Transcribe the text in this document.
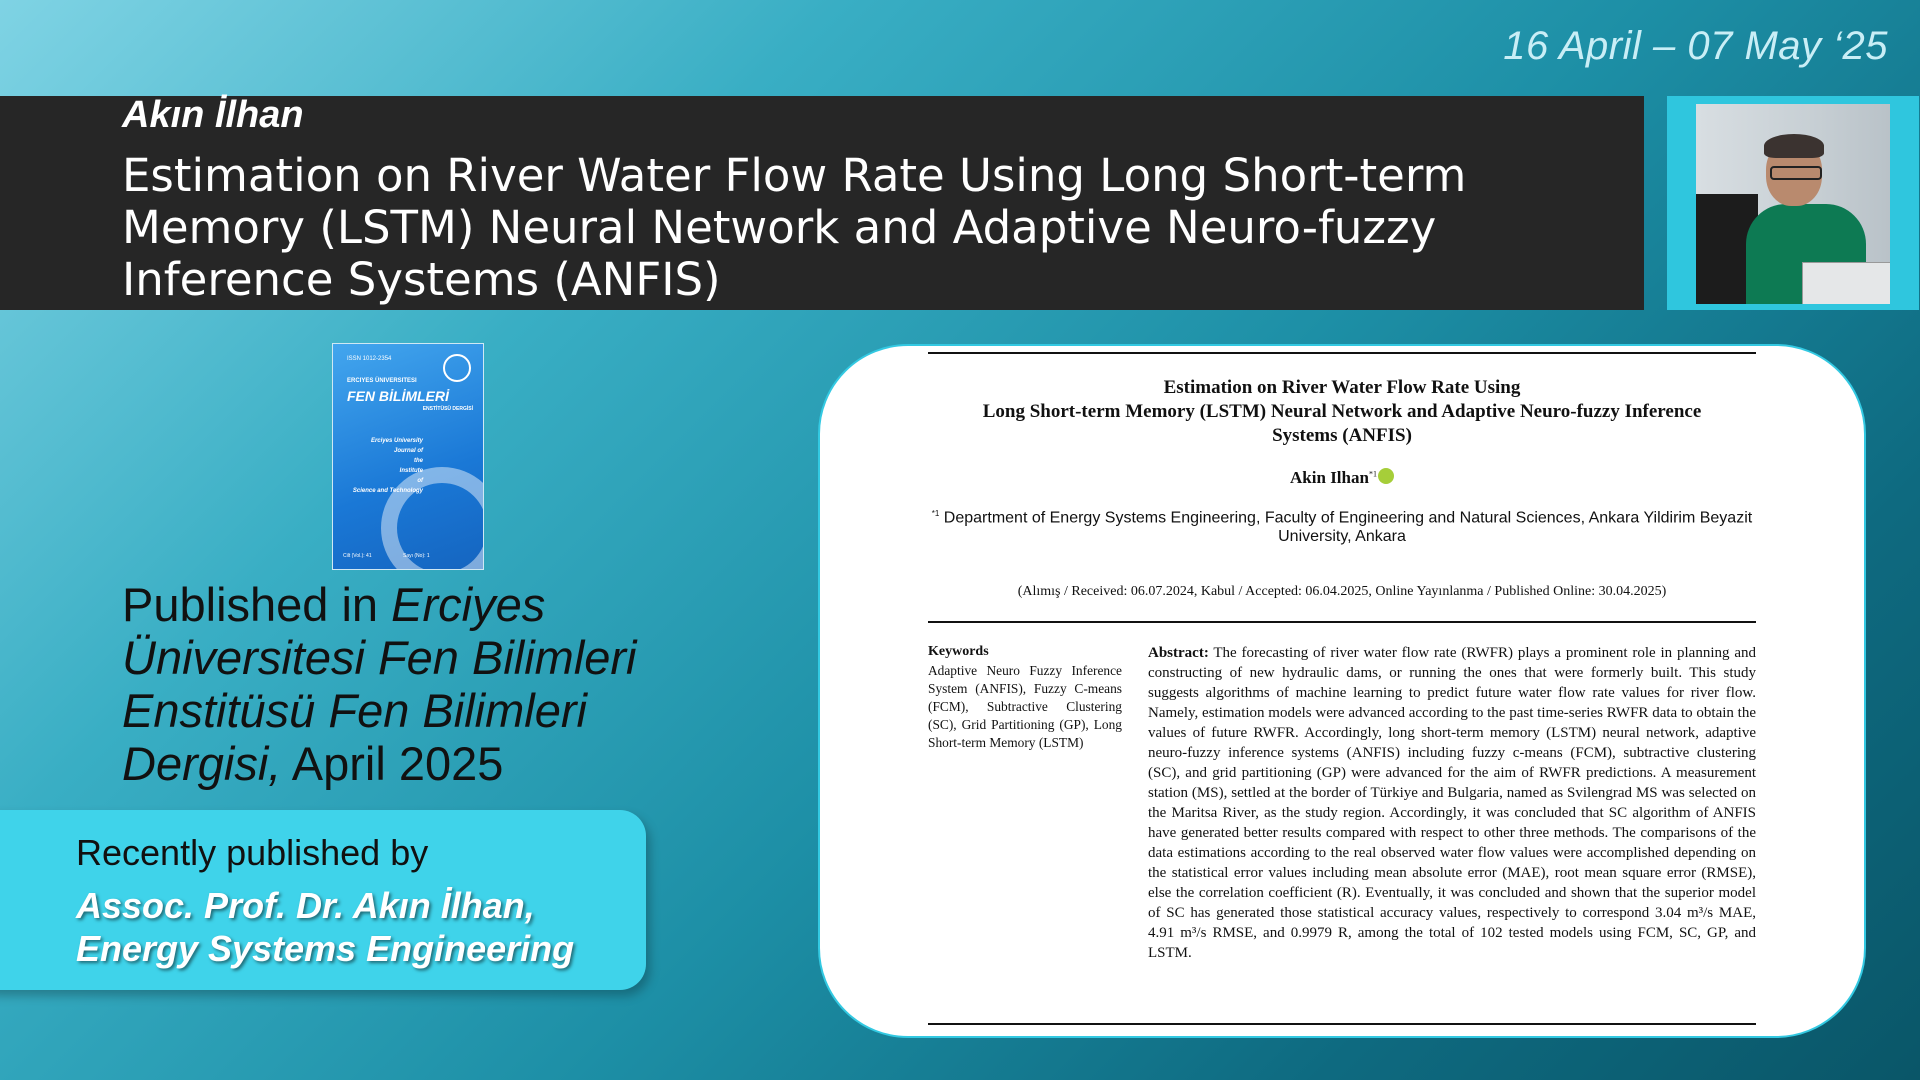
16 April – 07 May ‘25
Akın İlhan
Estimation on River Water Flow Rate Using Long Short-term Memory (LSTM) Neural Network and Adaptive Neuro-fuzzy Inference Systems (ANFIS)
ISSN 1012-2354
ERCIYES ÜNIVERSITESI
FEN BİLİMLERİ
ENSTİTÜSÜ DERGİSİ
Erciyes University
Journal of
the
Institute
of
Science and Technology
Cilt (Vol.): 41	Sayı (No): 1
Published in Erciyes Üniversitesi Fen Bilimleri Enstitüsü Fen Bilimleri Dergisi, April 2025
Recently published by
Assoc. Prof. Dr. Akın İlhan,
Energy Systems Engineering
Estimation on River Water Flow Rate Using
Long Short-term Memory (LSTM) Neural Network and Adaptive Neuro-fuzzy Inference
Systems (ANFIS)
Akin Ilhan$^{*1}$
$^{*1}$ Department of Energy Systems Engineering, Faculty of Engineering and Natural Sciences, Ankara Yildirim Beyazit University, Ankara
(Alımış / Received: 06.07.2024, Kabul / Accepted: 06.04.2025, Online Yayınlanma / Published Online: 30.04.2025)
Keywords
Adaptive Neuro Fuzzy Inference System (ANFIS), Fuzzy C-means (FCM), Subtractive Clustering (SC), Grid Partitioning (GP), Long Short-term Memory (LSTM)
Abstract: The forecasting of river water flow rate (RWFR) plays a prominent role in planning and constructing of new hydraulic dams, or running the ones that were formerly built. This study suggests algorithms of machine learning to predict future water flow rate values for river flow. Namely, estimation models were advanced according to the past time-series RWFR data to obtain the values of future RWFR. Accordingly, long short-term memory (LSTM) neural network, adaptive neuro-fuzzy inference systems (ANFIS) including fuzzy c-means (FCM), subtractive clustering (SC), and grid partitioning (GP) were advanced for the aim of RWFR predictions. A measurement station (MS), settled at the border of Türkiye and Bulgaria, named as Svilengrad MS was selected on the Maritsa River, as the study region. Accordingly, it was concluded that SC algorithm of ANFIS have generated better results compared with respect to other three methods. The comparisons of the data estimations according to the real observed water flow values were accomplished depending on the statistical error values including mean absolute error (MAE), root mean square error (RMSE), else the correlation coefficient (R). Eventually, it was concluded and shown that the superior model of SC has generated those statistical accuracy values, respectively to correspond 3.04 m³/s MAE, 4.91 m³/s RMSE, and 0.9979 R, among the total of 102 tested models using FCM, SC, GP, and LSTM.
